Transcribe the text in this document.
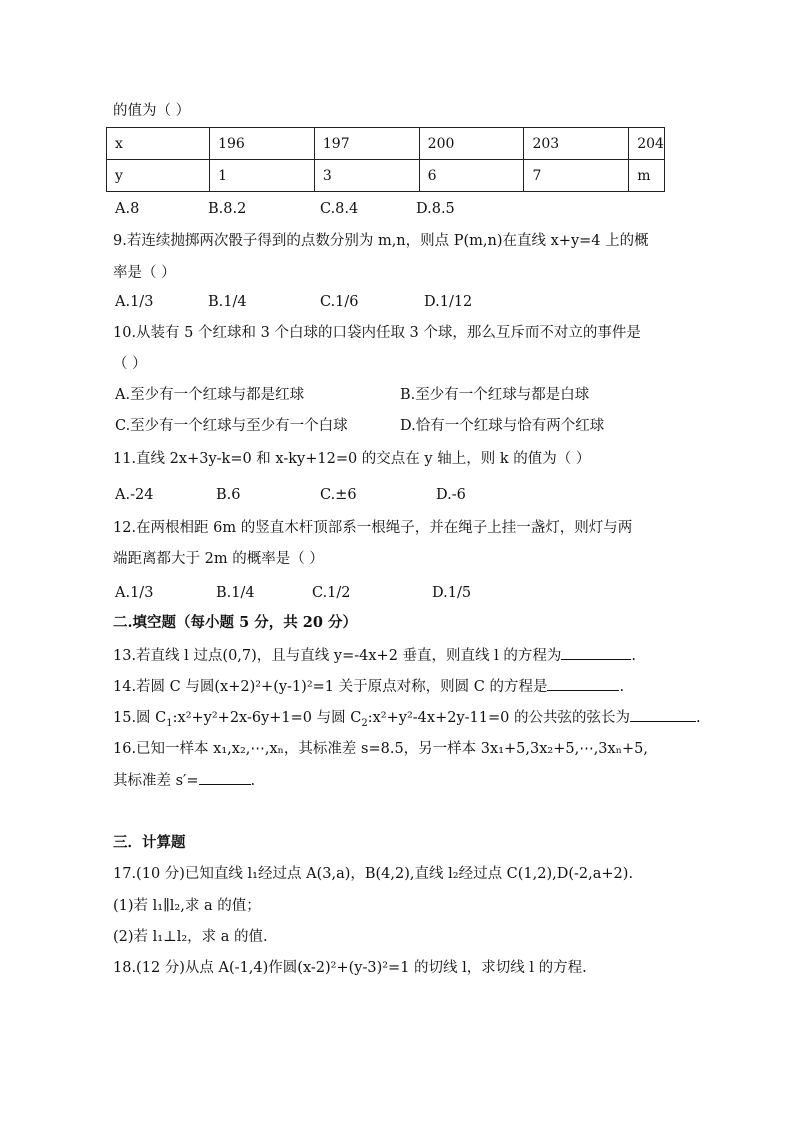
的值为（ ）
x	196	197	200	203	204
y	1	3	6	7	m
A.8	B.8.2	C.8.4	D.8.5
9.若连续抛掷两次骰子得到的点数分别为 m,n，则点 P(m,n)在直线 x+y=4 上的概
率是（ ）
A.1/3	B.1/4	C.1/6	D.1/12
10.从装有 5 个红球和 3 个白球的口袋内任取 3 个球，那么互斥而不对立的事件是
（ ）
A.至少有一个红球与都是红球	B.至少有一个红球与都是白球
C.至少有一个红球与至少有一个白球	D.恰有一个红球与恰有两个红球
11.直线 2x+3y-k=0 和 x-ky+12=0 的交点在 y 轴上，则 k 的值为（ ）
A.-24	B.6	C.±6	D.-6
12.在两根相距 6m 的竖直木杆顶部系一根绳子，并在绳子上挂一盏灯，则灯与两
端距离都大于 2m 的概率是（ ）
A.1/3	B.1/4	C.1/2	D.1/5
二.填空题（每小题 5 分，共 20 分）
13.若直线 l 过点(0,7)，且与直线 y=-4x+2 垂直，则直线 l 的方程为	.
14.若圆 C 与圆(x+2)²+(y-1)²=1 关于原点对称，则圆 C 的方程是	.
15.圆 $C_1:x^2+y^2+2x-6y+1=0$ 与圆 $C_2:x^2+y^2-4x+2y-11=0$ 的公共弦的弦长为	.
16.已知一样本 x₁,x₂,⋯,xₙ，其标准差 s=8.5，另一样本 3x₁+5,3x₂+5,⋯,3xₙ+5,
其标准差 s′=	.
三．计算题
17.(10 分)已知直线 l₁经过点 A(3,a)，B(4,2),直线 l₂经过点 C(1,2),D(-2,a+2).
(1)若 l₁∥l₂,求 a 的值；
(2)若 l₁⊥l₂，求 a 的值.
18.(12 分)从点 A(-1,4)作圆(x-2)²+(y-3)²=1 的切线 l，求切线 l 的方程.
